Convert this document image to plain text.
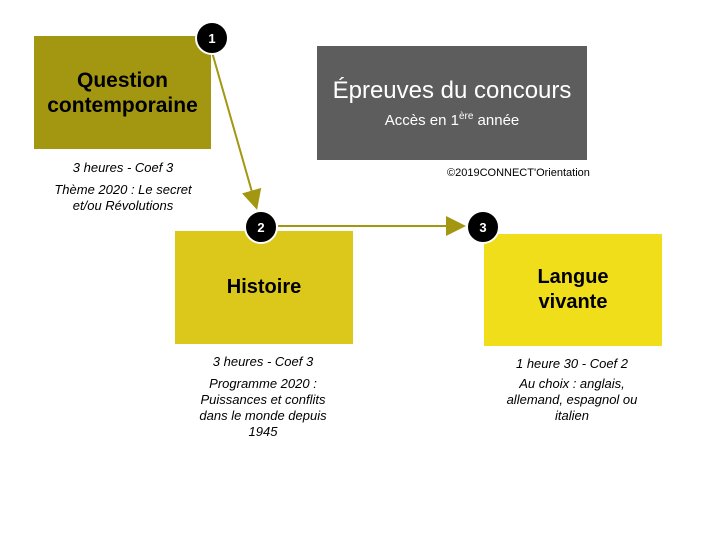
Question
contemporaine
Histoire	Langue
vivante
Épreuves du concours
Accès en 1ère année
©2019CONNECT'Orientation
1
2	3
3 heures - Coef 3
Thème 2020 : Le secret
et/ou Révolutions
3 heures - Coef 3
Programme 2020 :
Puissances et conflits
dans le monde depuis
1945
1 heure 30 - Coef 2
Au choix : anglais,
allemand, espagnol ou
italien
